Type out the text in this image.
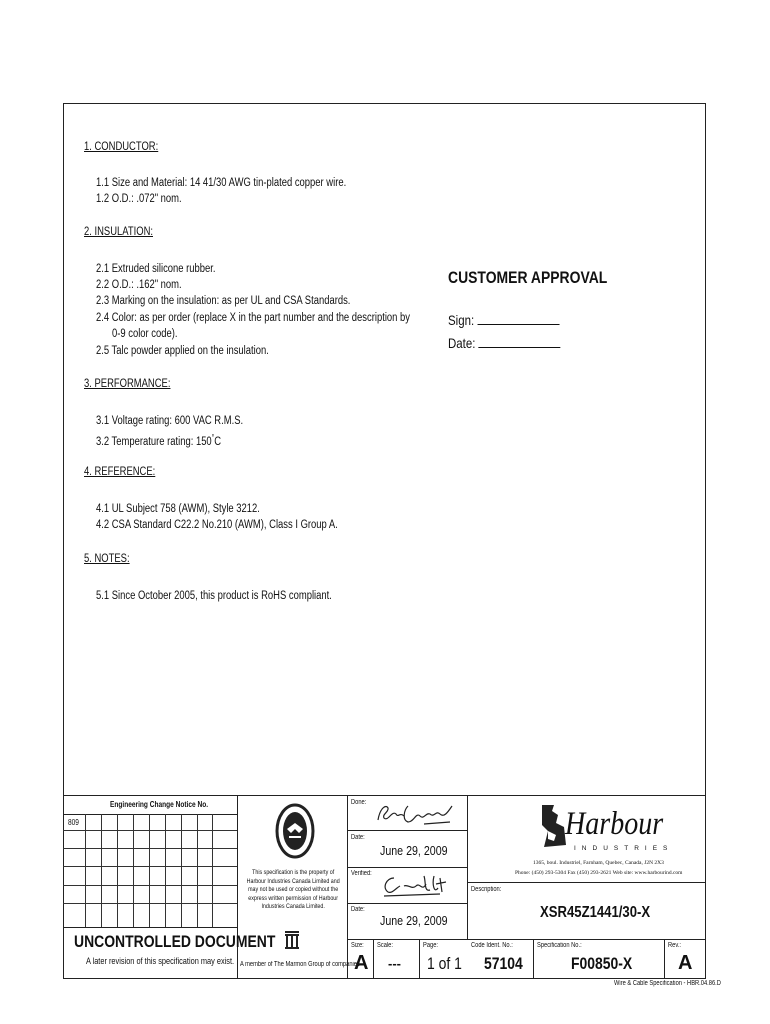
1. CONDUCTOR:
1.1 Size and Material: 14 41/30 AWG tin-plated copper wire.
1.2 O.D.: .072" nom.
2. INSULATION:
2.1 Extruded silicone rubber.
2.2 O.D.: .162" nom.
2.3 Marking on the insulation: as per UL and CSA Standards.
2.4 Color: as per order (replace X in the part number and the description by
0-9 color code).
2.5 Talc powder applied on the insulation.
CUSTOMER APPROVAL
Sign:
Date:
3. PERFORMANCE:
3.1 Voltage rating: 600 VAC R.M.S.
3.2 Temperature rating: 150°C
4. REFERENCE:
4.1 UL Subject 758 (AWM), Style 3212.
4.2 CSA Standard C22.2 No.210 (AWM), Class I Group A.
5. NOTES:
5.1 Since October 2005, this product is RoHS compliant.
Engineering Change Notice No.
809
UNCONTROLLED DOCUMENT
A later revision of this specification may exist.
This specification is the property of Harbour Industries Canada Limited and may not be used or copied without the express written permission of Harbour Industries Canada Limited.
A member of The Marmon Group of companies
Done:
Date:
June 29, 2009
Verified:
Date:
June 29, 2009
Harbour
INDUSTRIES
1365, boul. Industriel, Farnham, Quebec, Canada, J2N 2X3
Phone: (450) 293-5304 Fax (450) 293-2621 Web site: www.harbourind.com
Description:
XSR45Z1441/30-X
Size:
A
Scale:
---
Page:
1 of 1
Code Ident. No.:
57104
Specification No.:
F00850-X
Rev.:
A
Wire & Cable Specification - HBR.04.86.D
